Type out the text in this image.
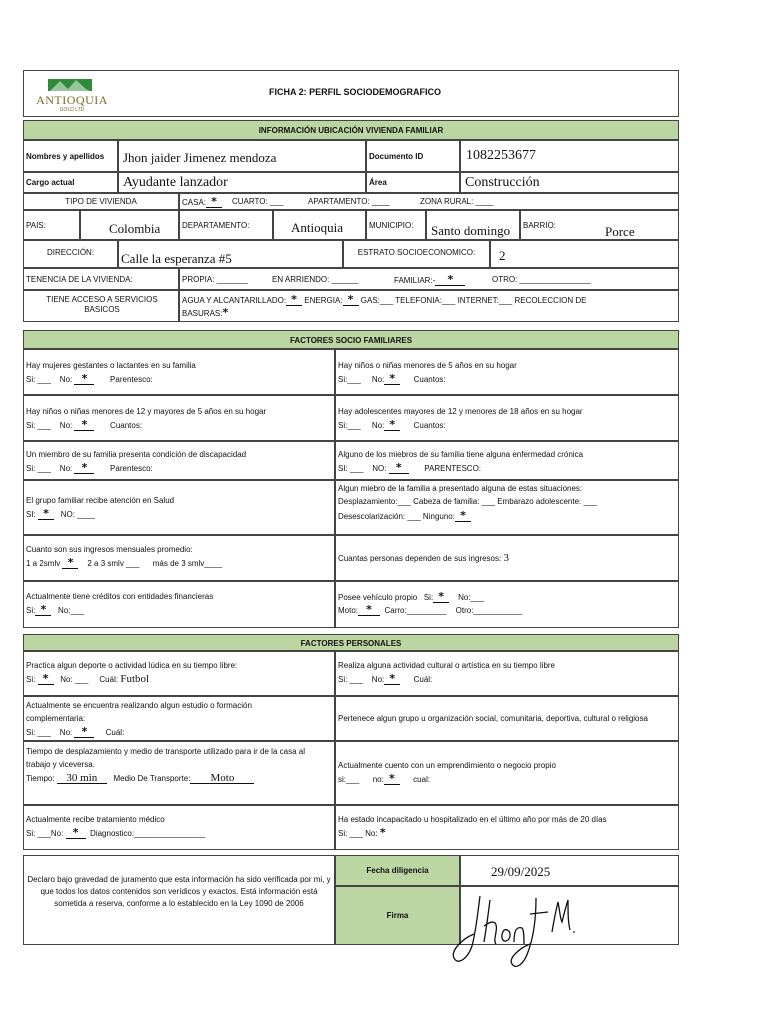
ANTIOQUIA
GOLD LTD
FICHA 2: PERFIL SOCIODEMOGRAFICO
INFORMACIÓN UBICACIÓN VIVIENDA FAMILIAR
Nombres y apellidos Jhon jaider Jimenez mendoza	Documento ID	1082253677
Cargo actual	Ayudante lanzador	Área	Construcción
TIPO DE VIVIENDA	CASA: *	CUARTO: ___	APARTAMENTO: ____	ZONA RURAL: ____
PAIS:	Colombia	DEPARTAMENTO:	Antioquia	MUNICIPIO: Santo domingo BARRIO:	Porce
DIRECCIÓN:	Calle la esperanza #5	ESTRATO SOCIOECONOMICO:	2
TENENCIA DE LA VIVIENDA:	PROPIA: _______	EN ARRIENDO: ______	FAMILIAR:- *	OTRO: ________________
TIENE ACCESO A SERVICIOS BASICOS
AGUA Y ALCANTARILLADO: * ENERGIA: * GAS:___ TELEFONIA:___ INTERNET:___ RECOLECCION DE
BASURAS:*
FACTORES SOCIO FAMILIARES
Hay mujeres gestantes o lactantes en su familia
Si: ___ No: *	Parentesco:
Hay niños o niñas menores de 5 años en su hogar
Si:___ No: * Cuantos:
Hay niños o niñas menores de 12 y mayores de 5 años en su hogar
Si: ___ No: *	Cuantos:
Hay adolescentes mayores de 12 y menores de 18 años en su hogar
Si:___ No: * Cuantos:
Un miembro de su familia presenta condición de discapacidad
Si: ___ No: *	Parentesco:
Alguno de los miebros de su familia tiene alguna enfermedad crónica
SI: ___ NO: *	PARENTESCO:
El grupo familiar recibe atención en Salud
SI: * NO: ____
Algun miebro de la familia a presentado alguna de estas situaciones:
Desplazamiento:___ Cabeza de familia: ___ Embarazo adolescente: ___
Desescolarización: ___ Ninguno: *
Cuanto son sus ingresos mensuales promedio:
1 a 2smlv * 2 a 3 smlv ___ más de 3 smlv____
Cuantas personas dependen de sus ingresos: 3
Actualmente tiene créditos con entidades financieras
Si: * No:___
Posee vehículo propio Si: * No:___
Moto: * Carro:_________ Otro:___________
FACTORES PERSONALES
Practica algun deporte o actividad lúdica en su tiempo libre:
Si: * No: ___ Cuál: Futbol
Realiza alguna actividad cultural o artística en su tiempo libre
Si: ___ No: * Cuál:
Actualmente se encuentra realizando algun estudio o formación
complementaria:
Si: ___ No: * Cuál:
Pertenece algun grupo u organización social, comunitaria, deportiva, cultural o religiosa
Tiempo de desplazamiento y medio de transporte utilizado para ir de la casa al
trabajo y viceversa.
Tiempo: 30 min Medio De Transporte: Moto
Actualmente cuento con un emprendimiento o negocio propio
si:___ no: * cual:
Actualmente recibe tratamiento médico
Si: ___No: * Diagnostico:________________
Ha estado incapacitado u hospitalizado en el último año por más de 20 días
Si: ___ No: *
Declaro bajo gravedad de juramento que esta información ha sido verificada por mi, y que todos los datos contenidos son verídicos y exactos. Está información está sometida a reserva, conforme a lo establecido en la Ley 1090 de 2006
Fecha diligencia	29/09/2025
Firma
